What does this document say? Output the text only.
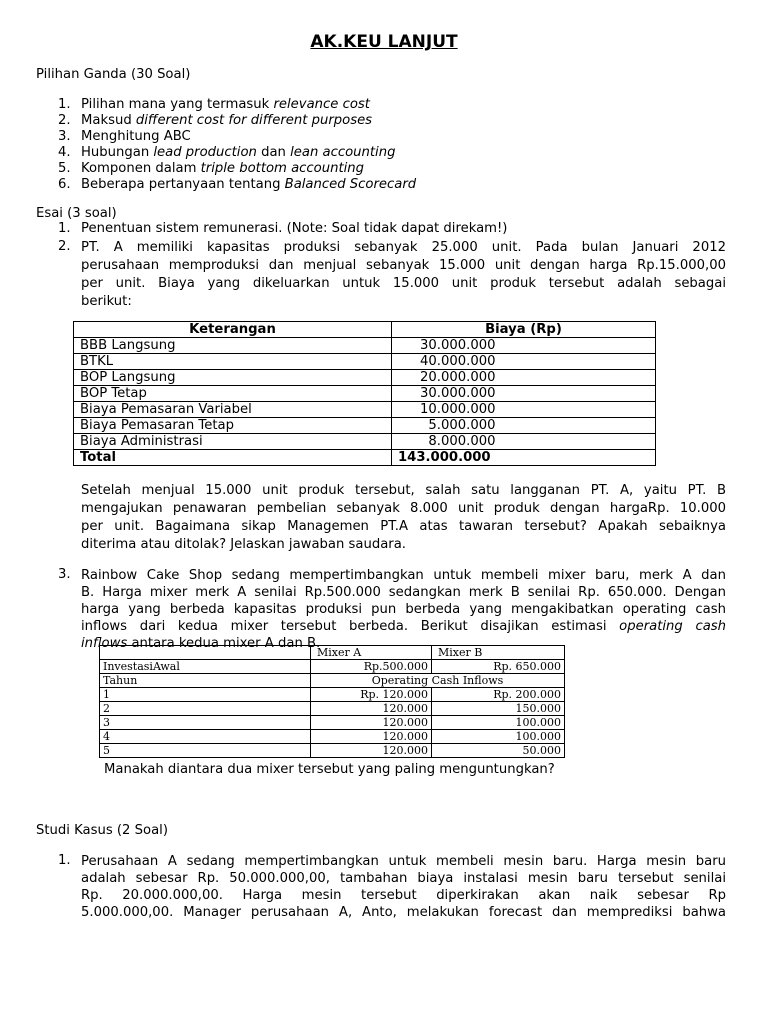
AK.KEU LANJUT
Pilihan Ganda (30 Soal)
1. Pilihan mana yang termasuk relevance cost
2. Maksud different cost for different purposes
3. Menghitung ABC
4. Hubungan lead production dan lean accounting
5. Komponen dalam triple bottom accounting
6. Beberapa pertanyaan tentang Balanced Scorecard
Esai (3 soal)
1. Penentuan sistem remunerasi. (Note: Soal tidak dapat direkam!)
2. PT. A memiliki kapasitas produksi sebanyak 25.000 unit. Pada bulan Januari 2012
perusahaan memproduksi dan menjual sebanyak 15.000 unit dengan harga Rp.15.000,00
per unit. Biaya yang dikeluarkan untuk 15.000 unit produk tersebut adalah sebagai
berikut:
Keterangan	Biaya (Rp)
BBB Langsung	30.000.000
BTKL	40.000.000
BOP Langsung	20.000.000
BOP Tetap	30.000.000
Biaya Pemasaran Variabel	10.000.000
Biaya Pemasaran Tetap	5.000.000
Biaya Administrasi	8.000.000
Total	143.000.000
Setelah menjual 15.000 unit produk tersebut, salah satu langganan PT. A, yaitu PT. B
mengajukan penawaran pembelian sebanyak 8.000 unit produk dengan hargaRp. 10.000
per unit. Bagaimana sikap Managemen PT.A atas tawaran tersebut? Apakah sebaiknya
diterima atau ditolak? Jelaskan jawaban saudara.
3. Rainbow Cake Shop sedang mempertimbangkan untuk membeli mixer baru, merk A dan
B. Harga mixer merk A senilai Rp.500.000 sedangkan merk B senilai Rp. 650.000. Dengan
harga yang berbeda kapasitas produksi pun berbeda yang mengakibatkan operating cash
inflows dari kedua mixer tersebut berbeda. Berikut disajikan estimasi operating cash
inflows antara kedua mixer A dan B.
	Mixer A	Mixer B
InvestasiAwal	Rp.500.000	Rp. 650.000
Tahun	Operating Cash Inflows	
1	Rp. 120.000	Rp. 200.000
2	120.000	150.000
3	120.000	100.000
4	120.000	100.000
5	120.000	50.000
Manakah diantara dua mixer tersebut yang paling menguntungkan?
Studi Kasus (2 Soal)
1. Perusahaan A sedang mempertimbangkan untuk membeli mesin baru. Harga mesin baru
adalah sebesar Rp. 50.000.000,00, tambahan biaya instalasi mesin baru tersebut senilai
Rp. 20.000.000,00. Harga mesin tersebut diperkirakan akan naik sebesar Rp
5.000.000,00. Manager perusahaan A, Anto, melakukan forecast dan memprediksi bahwa
